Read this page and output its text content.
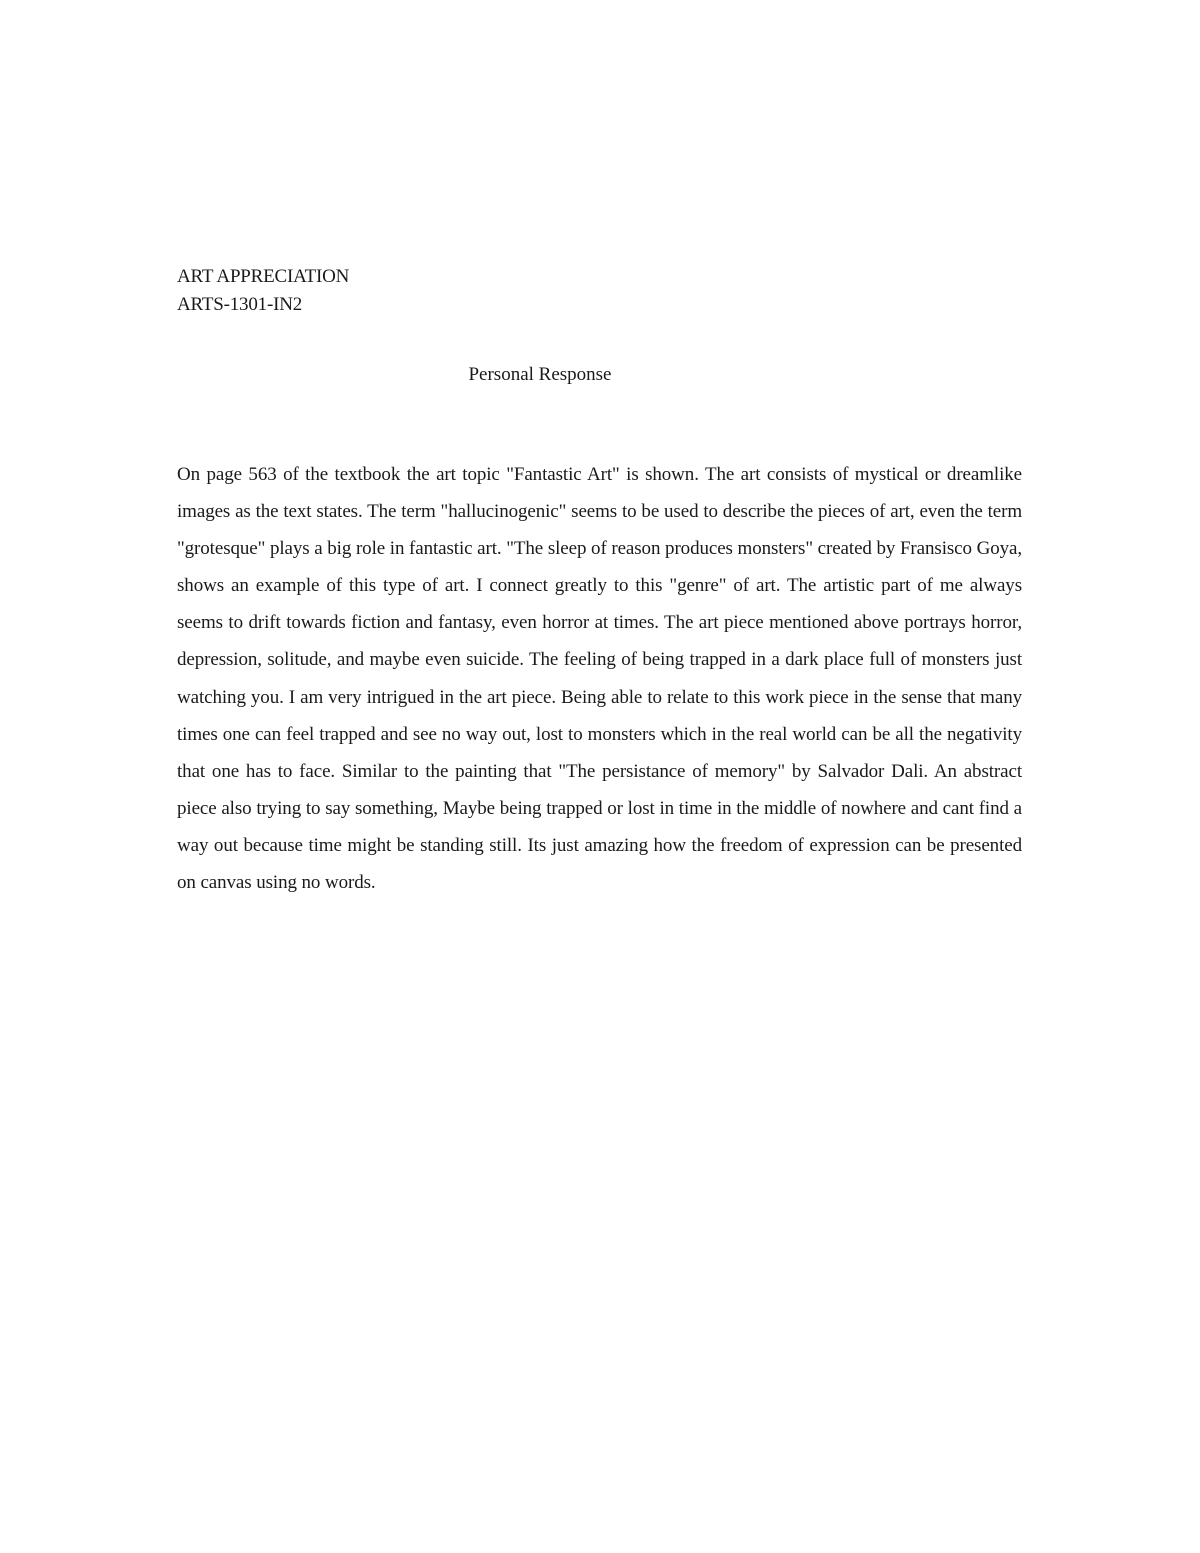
ART APPRECIATION
ARTS-1301-IN2
Personal Response
On page 563 of the textbook the art topic "Fantastic Art" is shown. The art consists of mystical or dreamlike images as the text states. The term "hallucinogenic" seems to be used to describe the pieces of art, even the term "grotesque" plays a big role in fantastic art. "The sleep of reason produces monsters" created by Fransisco Goya, shows an example of this type of art. I connect greatly to this "genre" of art. The artistic part of me always seems to drift towards fiction and fantasy, even horror at times. The art piece mentioned above portrays horror, depression, solitude, and maybe even suicide. The feeling of being trapped in a dark place full of monsters just watching you. I am very intrigued in the art piece. Being able to relate to this work piece in the sense that many times one can feel trapped and see no way out, lost to monsters which in the real world can be all the negativity that one has to face. Similar to the painting that "The persistance of memory" by Salvador Dali. An abstract piece also trying to say something, Maybe being trapped or lost in time in the middle of nowhere and cant find a way out because time might be standing still. Its just amazing how the freedom of expression can be presented on canvas using no words.
